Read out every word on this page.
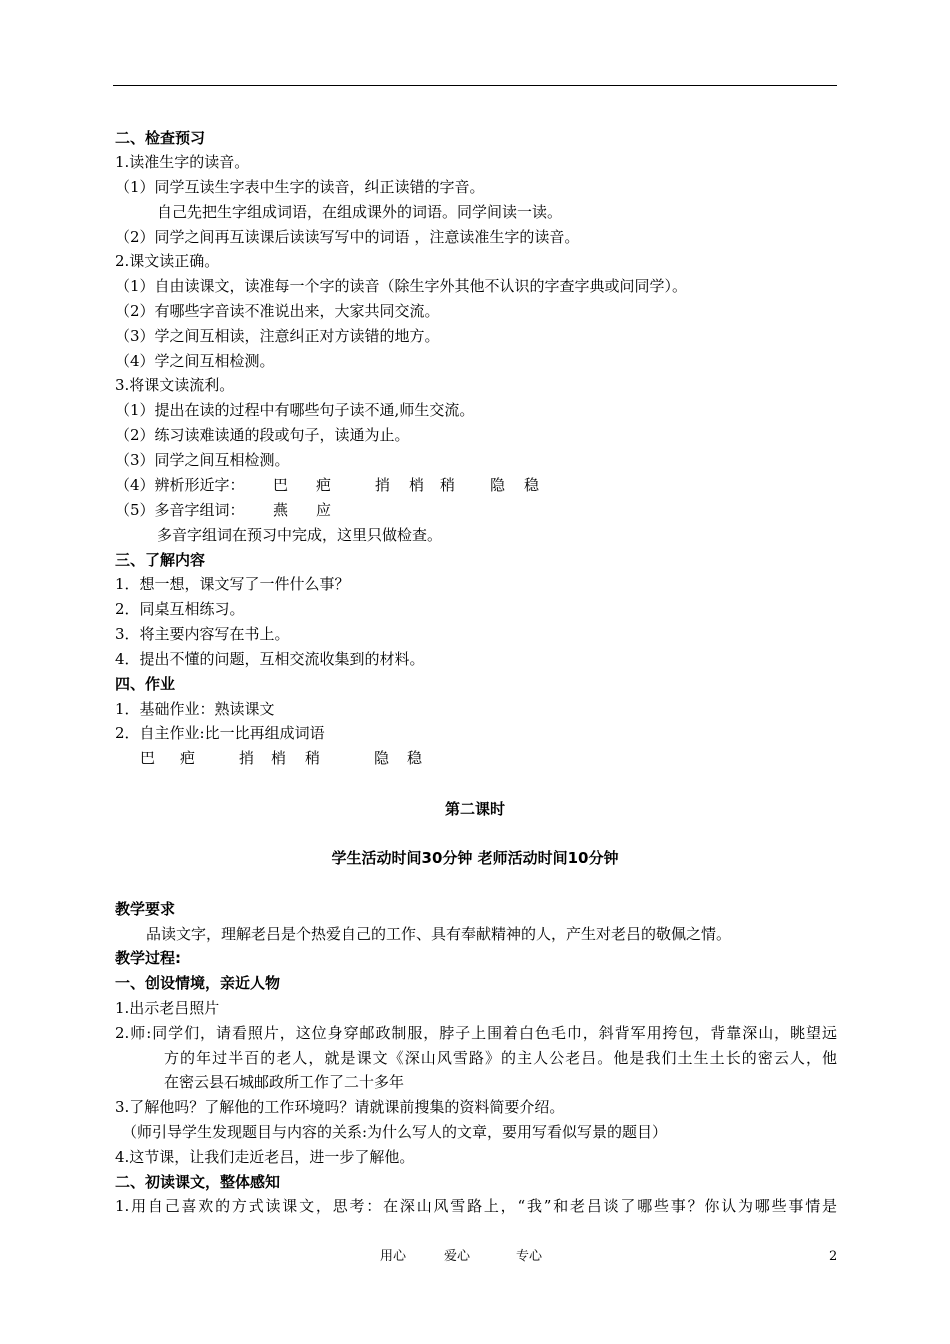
二、检查预习
1.读准生字的读音。
（1）同学互读生字表中生字的读音，纠正读错的字音。
自己先把生字组成词语，在组成课外的词语。同学间读一读。
（2）同学之间再互读课后读读写写中的词语 ，注意读准生字的读音。
2.课文读正确。
（1）自由读课文，读准每一个字的读音（除生字外其他不认识的字查字典或问同学）。
（2）有哪些字音读不准说出来，大家共同交流。
（3）学之间互相读，注意纠正对方读错的地方。
（4）学之间互相检测。
3.将课文读流利。
（1）提出在读的过程中有哪些句子读不通,师生交流。
（2）练习读难读通的段或句子，读通为止。
（3）同学之间互相检测。
（4）辨析形近字： 巴 疤	捎 梢 稍 隐 稳
（5）多音字组词： 燕 应
多音字组词在预习中完成，这里只做检查。
三、了解内容
1．想一想，课文写了一件什么事？
2．同桌互相练习。
3．将主要内容写在书上。
4．提出不懂的问题，互相交流收集到的材料。
四、作业
1．基础作业：熟读课文
2．自主作业:比一比再组成词语
巴 疤	捎 梢 稍	隐 稳
第二课时
学生活动时间30分钟 老师活动时间10分钟
教学要求
品读文字，理解老吕是个热爱自己的工作、具有奉献精神的人，产生对老吕的敬佩之情。
教学过程:
一、创设情境，亲近人物
1.出示老吕照片
2.师:同学们，请看照片，这位身穿邮政制服，脖子上围着白色毛巾，斜背军用挎包，背靠深山，眺望远
方的年过半百的老人，就是课文《深山风雪路》的主人公老吕。他是我们土生土长的密云人，他
在密云县石城邮政所工作了二十多年
3.了解他吗？了解他的工作环境吗？请就课前搜集的资料简要介绍。
（师引导学生发现题目与内容的关系:为什么写人的文章，要用写看似写景的题目）
4.这节课，让我们走近老吕，进一步了解他。
二、初读课文，整体感知
1.用自己喜欢的方式读课文，思考：在深山风雪路上，“我”和老吕谈了哪些事？你认为哪些事情是
用心	爱心	专心	2
